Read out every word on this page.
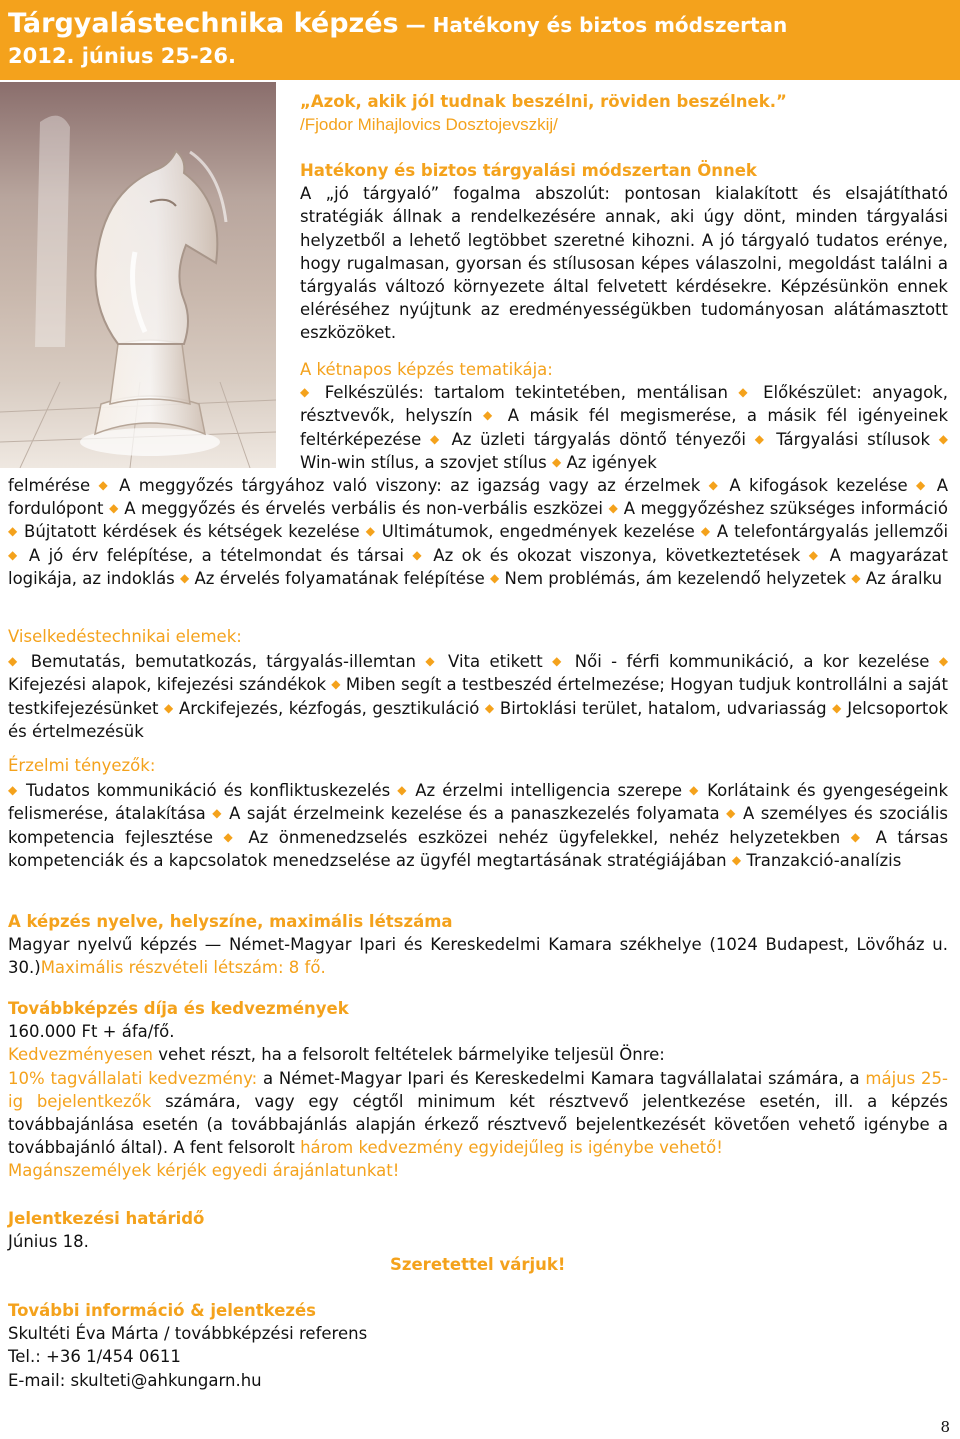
Tárgyalástechnika képzés — Hatékony és biztos módszertan
2012. június 25-26.

„Azok, akik jól tudnak beszélni, röviden beszélnek.”

/Fjodor Mihajlovics Dosztojevszkij/

Hatékony és biztos tárgyalási módszertan Önnek

A „jó tárgyaló” fogalma abszolút: pontosan kialakított és elsajátítható stratégiák állnak a rendelkezésére annak, aki úgy dönt, minden tárgyalási helyzetből a lehető legtöbbet szeretné kihozni. A jó tárgyaló tudatos erénye, hogy rugalmasan, gyorsan és stílusosan képes válaszolni, megoldást találni a tárgyalás változó környezete által felvetett kérdésekre. Képzésünkön ennek eléréséhez nyújtunk az eredményességükben tudományosan alátámasztott eszközöket.

A kétnapos képzés tematikája:

◆ Felkészülés: tartalom tekintetében, mentálisan ◆ Előkészület: anyagok, résztvevők, helyszín ◆ A másik fél megismerése, a másik fél igényeinek feltérképezése ◆ Az üzleti tárgyalás döntő tényezői ◆ Tárgyalási stílusok ◆ Win-win stílus, a szovjet stílus ◆ Az igények

felmérése ◆ A meggyőzés tárgyához való viszony: az igazság vagy az érzelmek ◆ A kifogások kezelése ◆ A fordulópont ◆ A meggyőzés és érvelés verbális és non-verbális eszközei ◆ A meggyőzéshez szükséges információ ◆ Bújtatott kérdések és kétségek kezelése ◆ Ultimátumok, engedmények kezelése ◆ A telefontárgyalás jellemzői ◆ A jó érv felépítése, a tételmondat és társai ◆ Az ok és okozat viszonya, következtetések ◆ A magyarázat logikája, az indoklás ◆ Az érvelés folyamatának felépítése ◆ Nem problémás, ám kezelendő helyzetek ◆ Az áralku

Viselkedéstechnikai elemek:

◆ Bemutatás, bemutatkozás, tárgyalás-illemtan ◆ Vita etikett ◆ Női - férfi kommunikáció, a kor kezelése ◆ Kifejezési alapok, kifejezési szándékok ◆ Miben segít a testbeszéd értelmezése; Hogyan tudjuk kontrollálni a saját testkifejezésünket ◆ Arckifejezés, kézfogás, gesztikuláció ◆ Birtoklási terület, hatalom, udvariasság ◆ Jelcsoportok és értelmezésük

Érzelmi tényezők:

◆ Tudatos kommunikáció és konfliktuskezelés ◆ Az érzelmi intelligencia szerepe ◆ Korlátaink és gyengeségeink felismerése, átalakítása ◆ A saját érzelmeink kezelése és a panaszkezelés folyamata ◆ A személyes és szociális kompetencia fejlesztése ◆ Az önmenedzselés eszközei nehéz ügyfelekkel, nehéz helyzetekben ◆ A társas kompetenciák és a kapcsolatok menedzselése az ügyfél megtartásának stratégiájában ◆ Tranzakció-analízis

A képzés nyelve, helyszíne, maximális létszáma

Magyar nyelvű képzés — Német-Magyar Ipari és Kereskedelmi Kamara székhelye (1024 Budapest, Lövőház u. 30.)Maximális részvételi létszám: 8 fő.

Továbbképzés díja és kedvezmények

160.000 Ft + áfa/fő.

Kedvezményesen vehet részt, ha a felsorolt feltételek bármelyike teljesül Önre:

10% tagvállalati kedvezmény: a Német-Magyar Ipari és Kereskedelmi Kamara tagvállalatai számára, a május 25-ig bejelentkezők számára, vagy egy cégtől minimum két résztvevő jelentkezése esetén, ill. a képzés továbbajánlása esetén (a továbbajánlás alapján érkező résztvevő bejelentkezését követően vehető igénybe a továbbajánló által). A fent felsorolt három kedvezmény egyidejűleg is igénybe vehető!

Magánszemélyek kérjék egyedi árajánlatunkat!

Jelentkezési határidő

Június 18.

Szeretettel várjuk!

További információ & jelentkezés

Skultéti Éva Márta / továbbképzési referens

Tel.: +36 1/454 0611

E-mail: skulteti@ahkungarn.hu

8
